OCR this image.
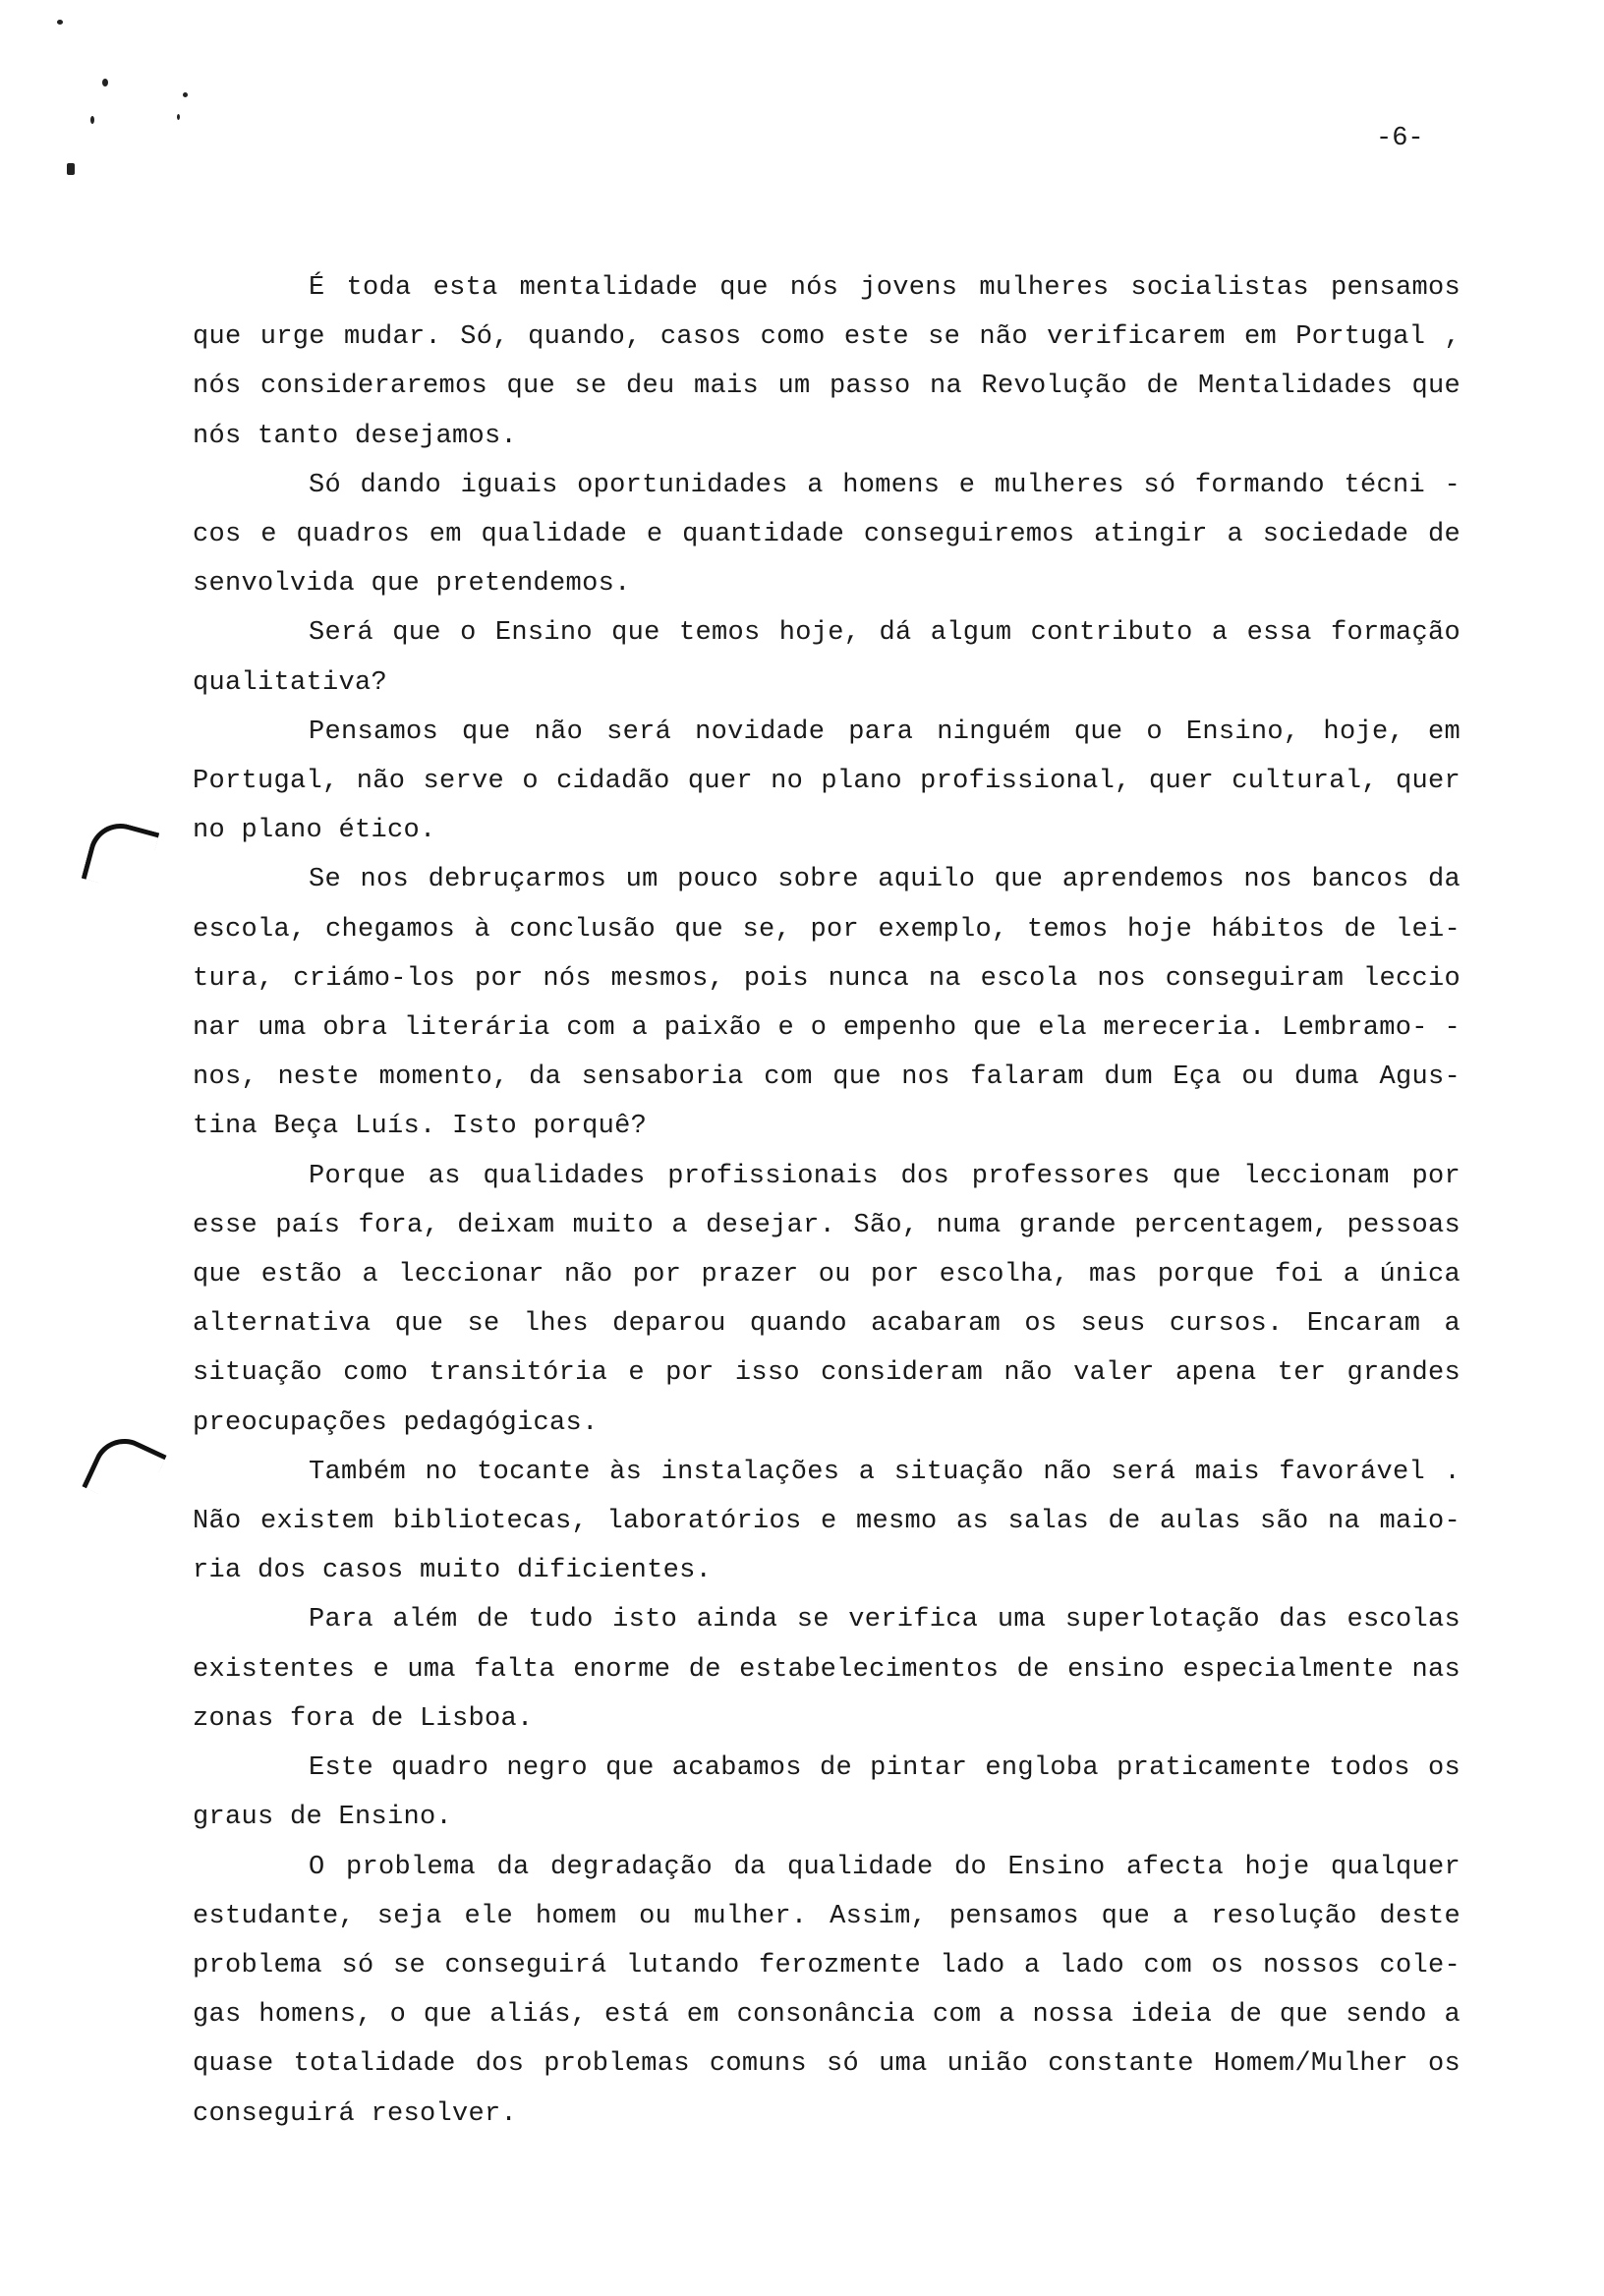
-6-

É toda esta mentalidade que nós jovens mulheres socialistas pensamos que urge mudar. Só, quando, casos como este se não verificarem em Portugal , nós consideraremos que se deu mais um passo na Revolução de Mentalidades que nós tanto desejamos.

Só dando iguais oportunidades a homens e mulheres só formando técni - cos e quadros em qualidade e quantidade conseguiremos atingir a sociedade de senvolvida que pretendemos.

Será que o Ensino que temos hoje, dá algum contributo a essa formação qualitativa?

Pensamos que não será novidade para ninguém que o Ensino, hoje, em Portugal, não serve o cidadão quer no plano profissional, quer cultural, quer no plano ético.

Se nos debruçarmos um pouco sobre aquilo que aprendemos nos bancos da escola, chegamos à conclusão que se, por exemplo, temos hoje hábitos de lei- tura, criámo-los por nós mesmos, pois nunca na escola nos conseguiram leccio nar uma obra literária com a paixão e o empenho que ela mereceria. Lembramo- -nos, neste momento, da sensaboria com que nos falaram dum Eça ou duma Agus- tina Beça Luís. Isto porquê?

Porque as qualidades profissionais dos professores que leccionam por esse país fora, deixam muito a desejar. São, numa grande percentagem, pessoas que estão a leccionar não por prazer ou por escolha, mas porque foi a única alternativa que se lhes deparou quando acabaram os seus cursos. Encaram a situação como transitória e por isso consideram não valer apena ter grandes preocupações pedagógicas.

Também no tocante às instalações a situação não será mais favorável . Não existem bibliotecas, laboratórios e mesmo as salas de aulas são na maio- ria dos casos muito dificientes.

Para além de tudo isto ainda se verifica uma superlotação das escolas existentes e uma falta enorme de estabelecimentos de ensino especialmente nas zonas fora de Lisboa.

Este quadro negro que acabamos de pintar engloba praticamente todos os graus de Ensino.

O problema da degradação da qualidade do Ensino afecta hoje qualquer estudante, seja ele homem ou mulher. Assim, pensamos que a resolução deste problema só se conseguirá lutando ferozmente lado a lado com os nossos cole- gas homens, o que aliás, está em consonância com a nossa ideia de que sendo a quase totalidade dos problemas comuns só uma união constante Homem/Mulher os conseguirá resolver.
